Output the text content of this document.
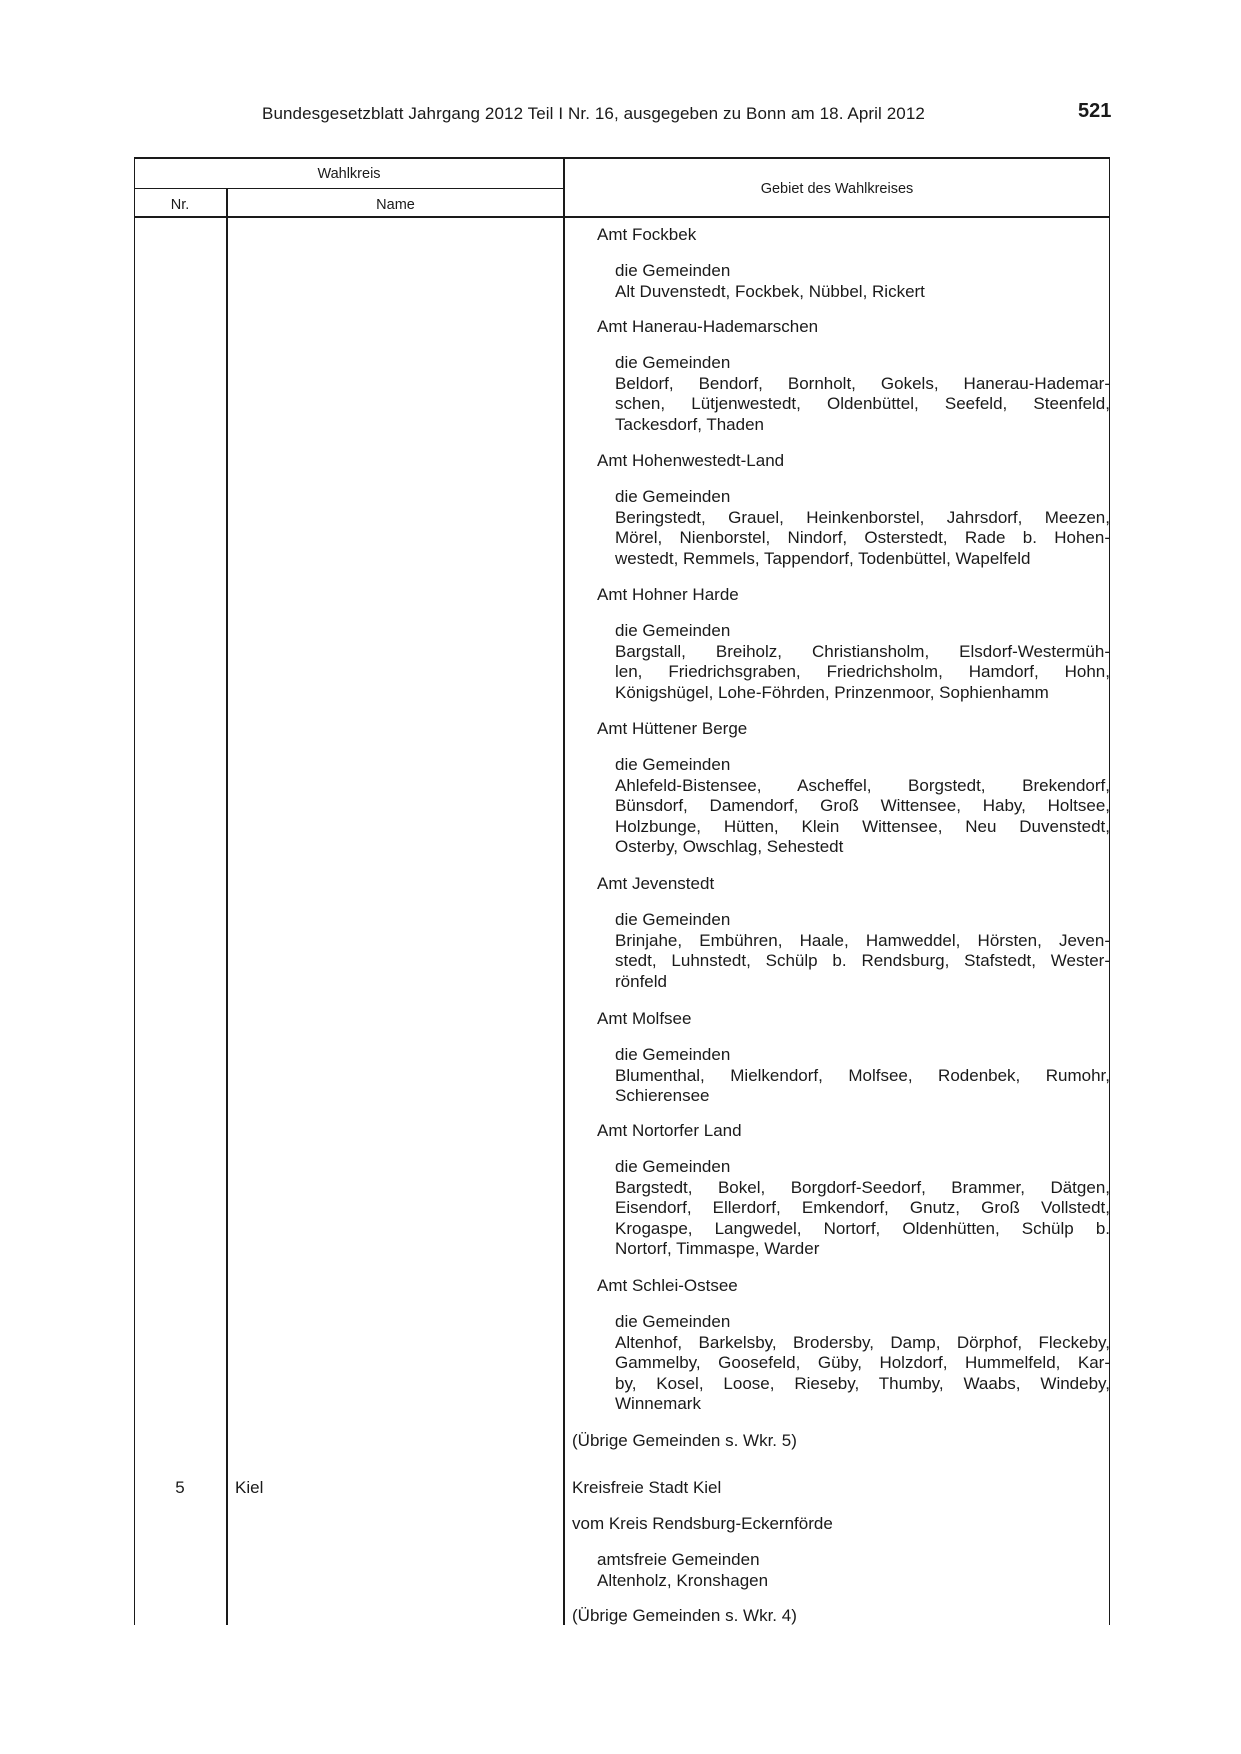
Bundesgesetzblatt Jahrgang 2012 Teil I Nr. 16, ausgegeben zu Bonn am 18. April 2012	521
Wahlkreis
Nr.	Name
Gebiet des Wahlkreises
Amt Fockbek
die Gemeinden
Alt Duvenstedt, Fockbek, Nübbel, Rickert
Amt Hanerau-Hademarschen
die Gemeinden
Beldorf, Bendorf, Bornholt, Gokels, Hanerau-Hademar-
schen, Lütjenwestedt, Oldenbüttel, Seefeld, Steenfeld,
Tackesdorf, Thaden
Amt Hohenwestedt-Land
die Gemeinden
Beringstedt, Grauel, Heinkenborstel, Jahrsdorf, Meezen,
Mörel, Nienborstel, Nindorf, Osterstedt, Rade b. Hohen-
westedt, Remmels, Tappendorf, Todenbüttel, Wapelfeld
Amt Hohner Harde
die Gemeinden
Bargstall, Breiholz, Christiansholm, Elsdorf-Westermüh-
len, Friedrichsgraben, Friedrichsholm, Hamdorf, Hohn,
Königshügel, Lohe-Föhrden, Prinzenmoor, Sophienhamm
Amt Hüttener Berge
die Gemeinden
Ahlefeld-Bistensee, Ascheffel, Borgstedt, Brekendorf,
Bünsdorf, Damendorf, Groß Wittensee, Haby, Holtsee,
Holzbunge, Hütten, Klein Wittensee, Neu Duvenstedt,
Osterby, Owschlag, Sehestedt
Amt Jevenstedt
die Gemeinden
Brinjahe, Embühren, Haale, Hamweddel, Hörsten, Jeven-
stedt, Luhnstedt, Schülp b. Rendsburg, Stafstedt, Wester-
rönfeld
Amt Molfsee
die Gemeinden
Blumenthal, Mielkendorf, Molfsee, Rodenbek, Rumohr,
Schierensee
Amt Nortorfer Land
die Gemeinden
Bargstedt, Bokel, Borgdorf-Seedorf, Brammer, Dätgen,
Eisendorf, Ellerdorf, Emkendorf, Gnutz, Groß Vollstedt,
Krogaspe, Langwedel, Nortorf, Oldenhütten, Schülp b.
Nortorf, Timmaspe, Warder
Amt Schlei-Ostsee
die Gemeinden
Altenhof, Barkelsby, Brodersby, Damp, Dörphof, Fleckeby,
Gammelby, Goosefeld, Güby, Holzdorf, Hummelfeld, Kar-
by, Kosel, Loose, Rieseby, Thumby, Waabs, Windeby,
Winnemark
(Übrige Gemeinden s. Wkr. 5)
5	Kiel	Kreisfreie Stadt Kiel
vom Kreis Rendsburg-Eckernförde
amtsfreie Gemeinden
Altenholz, Kronshagen
(Übrige Gemeinden s. Wkr. 4)
